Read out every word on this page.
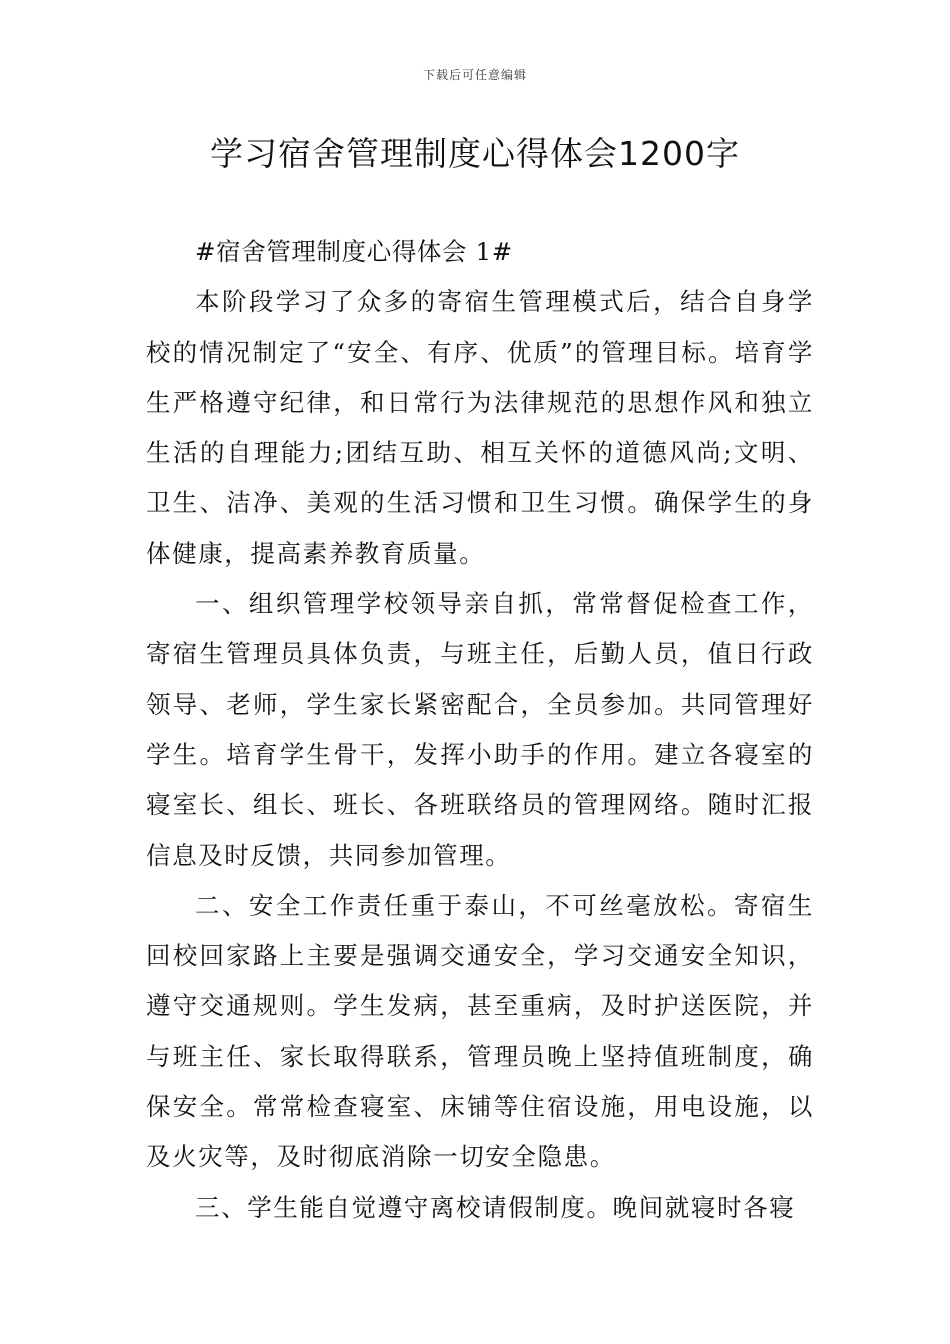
下载后可任意编辑
学习宿舍管理制度心得体会1200字

#宿舍管理制度心得体会 1#

本阶段学习了众多的寄宿生管理模式后，结合自身学校的情况制定了“安全、有序、优质”的管理目标。培育学生严格遵守纪律，和日常行为法律规范的思想作风和独立生活的自理能力;团结互助、相互关怀的道德风尚;文明、卫生、洁净、美观的生活习惯和卫生习惯。确保学生的身体健康，提高素养教育质量。

一、组织管理学校领导亲自抓，常常督促检查工作，寄宿生管理员具体负责，与班主任，后勤人员，值日行政领导、老师，学生家长紧密配合，全员参加。共同管理好学生。培育学生骨干，发挥小助手的作用。建立各寝室的寝室长、组长、班长、各班联络员的管理网络。随时汇报信息及时反馈，共同参加管理。

二、安全工作责任重于泰山，不可丝毫放松。寄宿生回校回家路上主要是强调交通安全，学习交通安全知识，遵守交通规则。学生发病，甚至重病，及时护送医院，并与班主任、家长取得联系，管理员晚上坚持值班制度，确保安全。常常检查寝室、床铺等住宿设施，用电设施，以及火灾等，及时彻底消除一切安全隐患。

三、学生能自觉遵守离校请假制度。晚间就寝时各寝
